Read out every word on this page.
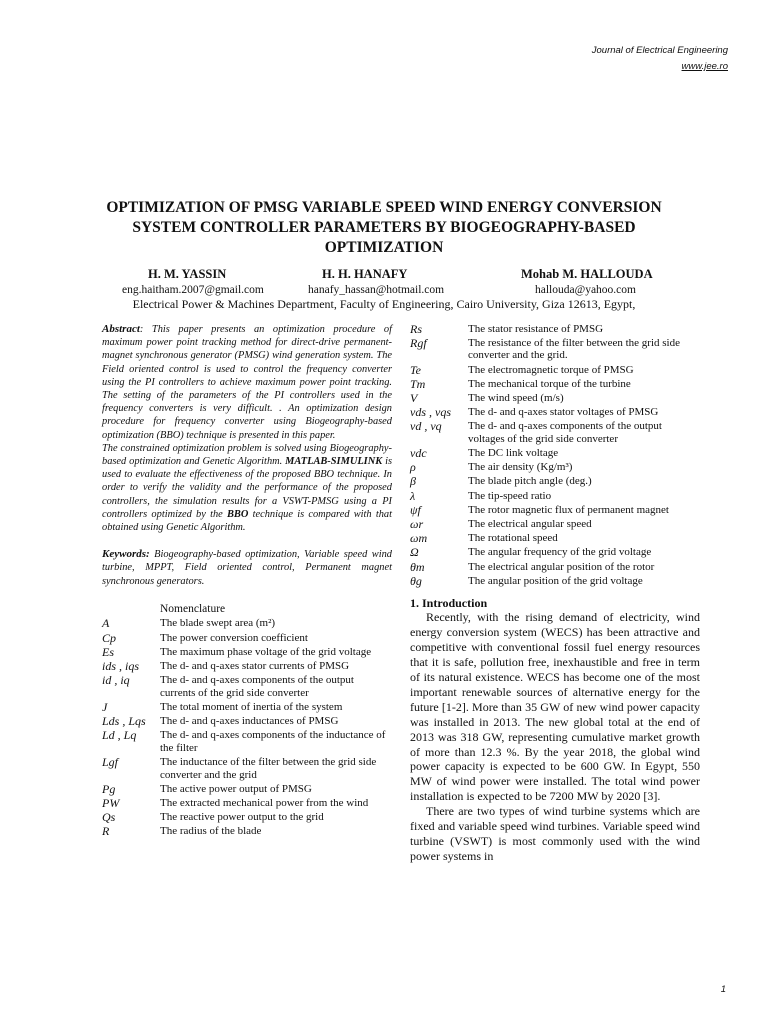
Journal of Electrical Engineering
www.jee.ro
OPTIMIZATION OF PMSG VARIABLE SPEED WIND ENERGY CONVERSION SYSTEM CONTROLLER PARAMETERS BY BIOGEOGRAPHY-BASED OPTIMIZATION
H. M. YASSIN	H. H. HANAFY	Mohab M. HALLOUDA
eng.haitham.2007@gmail.com	hanafy_hassan@hotmail.com	hallouda@yahoo.com
Electrical Power & Machines Department, Faculty of Engineering, Cairo University, Giza 12613, Egypt,

Abstract: This paper presents an optimization procedure of maximum power point tracking method for direct-drive permanent-magnet synchronous generator (PMSG) wind generation system. The Field oriented control is used to control the frequency converter using the PI controllers to achieve maximum power point tracking. The setting of the parameters of the PI controllers used in the frequency converters is very difficult. . An optimization design procedure for frequency converter using Biogeography-based optimization (BBO) technique is presented in this paper.
The constrained optimization problem is solved using Biogeography-based optimization and Genetic Algorithm. MATLAB-SIMULINK is used to evaluate the effectiveness of the proposed BBO technique. In order to verify the validity and the performance of the proposed controllers, the simulation results for a VSWT-PMSG using a PI controllers optimized by the BBO technique is compared with that obtained using Genetic Algorithm.

Keywords: Biogeography-based optimization, Variable speed wind turbine, MPPT, Field oriented control, Permanent magnet synchronous generators.
Nomenclature
A	The blade swept area (m²)
Cp	The power conversion coefficient
Es	The maximum phase voltage of the grid voltage
ids , iqs	The d- and q-axes stator currents of PMSG
id , iq	The d- and q-axes components of the output currents of the grid side converter
J	The total moment of inertia of the system
Lds , Lqs	The d- and q-axes inductances of PMSG
Ld , Lq	The d- and q-axes components of the inductance of the filter
Lgf	The inductance of the filter between the grid side converter and the grid
Pg	The active power output of PMSG
PW	The extracted mechanical power from the wind
Qs	The reactive power output to the grid
R	The radius of the blade
Rs	The stator resistance of PMSG
Rgf	The resistance of the filter between the grid side converter and the grid.
Te	The electromagnetic torque of PMSG
Tm	The mechanical torque of the turbine
V	The wind speed (m/s)
vds , vqs	The d- and q-axes stator voltages of PMSG
vd , vq	The d- and q-axes components of the output voltages of the grid side converter
vdc	The DC link voltage
ρ	The air density (Kg/m³)
β	The blade pitch angle (deg.)
λ	The tip-speed ratio
ψf	The rotor magnetic flux of permanent magnet
ωr	The electrical angular speed
ωm	The rotational speed
Ω	The angular frequency of the grid voltage
θm	The electrical angular position of the rotor
θg	The angular position of the grid voltage
1. Introduction

Recently, with the rising demand of electricity, wind energy conversion system (WECS) has been attractive and competitive with conventional fossil fuel energy resources that it is safe, pollution free, inexhaustible and free in term of its natural existence. WECS has become one of the most important renewable sources of alternative energy for the future [1-2]. More than 35 GW of new wind power capacity was installed in 2013. The new global total at the end of 2013 was 318 GW, representing cumulative market growth of more than 12.3 %. By the year 2018, the global wind power capacity is expected to be 600 GW. In Egypt, 550 MW of wind power were installed. The total wind power installation is expected to be 7200 MW by 2020 [3].

There are two types of wind turbine systems which are fixed and variable speed wind turbines. Variable speed wind turbine (VSWT) is most commonly used with the wind power systems in

1
